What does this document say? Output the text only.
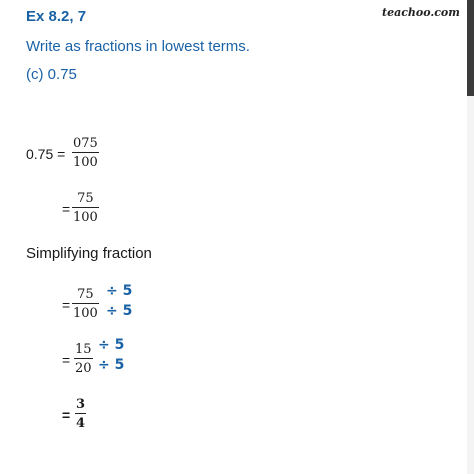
teachoo.com
Ex 8.2, 7
Write as fractions in lowest terms.
(c) 0.75
0.75 =
075
100
=
75
100
Simplifying fraction
=
75
100
÷ 5
÷ 5
=
15
20
÷ 5
÷ 5
=
3
4
